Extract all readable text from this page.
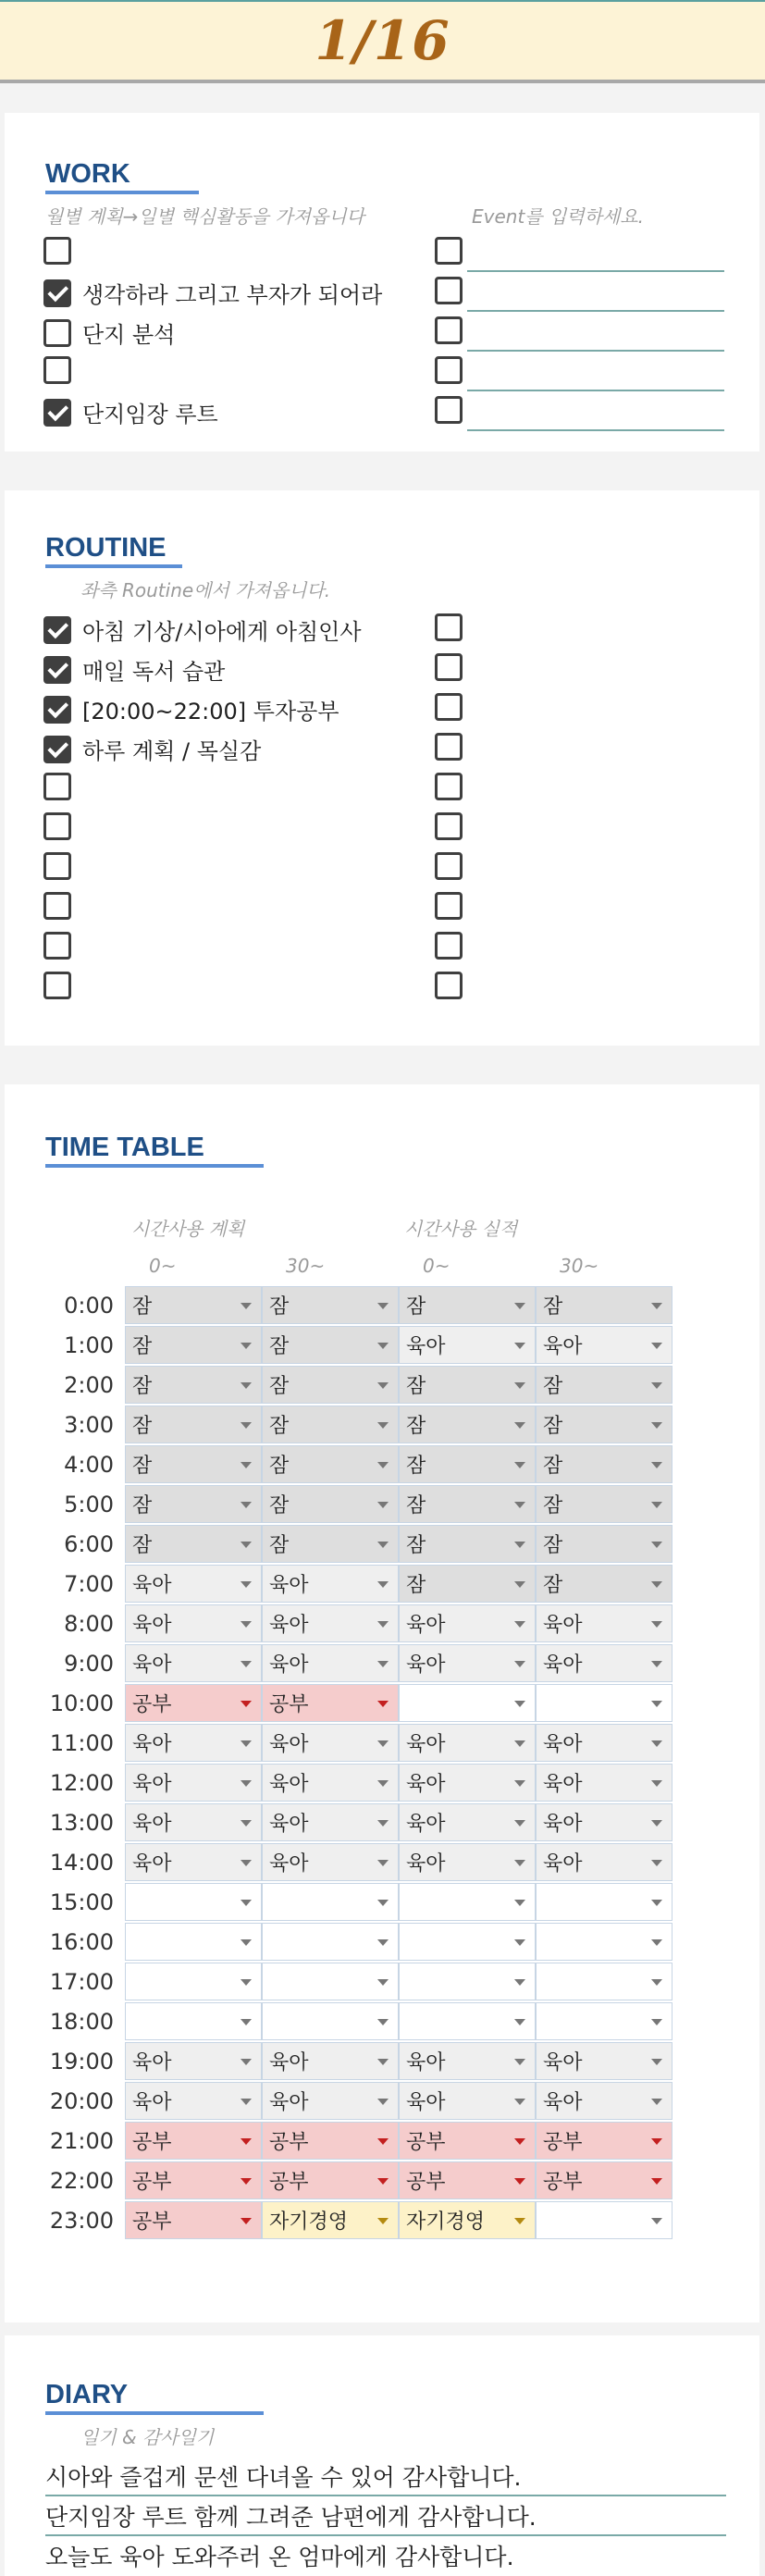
1/16
WORK
월별 계획→일별 핵심활동을 가져옵니다	Event를 입력하세요.
생각하라 그리고 부자가 되어라
단지 분석
단지임장 루트
ROUTINE
좌측 Routine에서 가져옵니다.
아침 기상/시아에게 아침인사
매일 독서 습관
[20:00~22:00] 투자공부
하루 계획 / 목실감
TIME TABLE
시간사용 계획	시간사용 실적
0~	30~	0~	30~
0:00 잠	잠	잠	잠
1:00 잠	잠	육아	육아
2:00 잠	잠	잠	잠
3:00 잠	잠	잠	잠
4:00 잠	잠	잠	잠
5:00 잠	잠	잠	잠
6:00 잠	잠	잠	잠
7:00 육아	육아	잠	잠
8:00 육아	육아	육아	육아
9:00 육아	육아	육아	육아
10:00 공부	공부
11:00 육아	육아	육아	육아
12:00 육아	육아	육아	육아
13:00 육아	육아	육아	육아
14:00 육아	육아	육아	육아
15:00
16:00
17:00
18:00
19:00 육아	육아	육아	육아
20:00 육아	육아	육아	육아
21:00 공부	공부	공부	공부
22:00 공부	공부	공부	공부
23:00 공부	자기경영	자기경영
DIARY
일기 & 감사일기
시아와 즐겁게 문센 다녀올 수 있어 감사합니다.
단지임장 루트 함께 그려준 남편에게 감사합니다.
오늘도 육아 도와주러 온 엄마에게 감사합니다.
